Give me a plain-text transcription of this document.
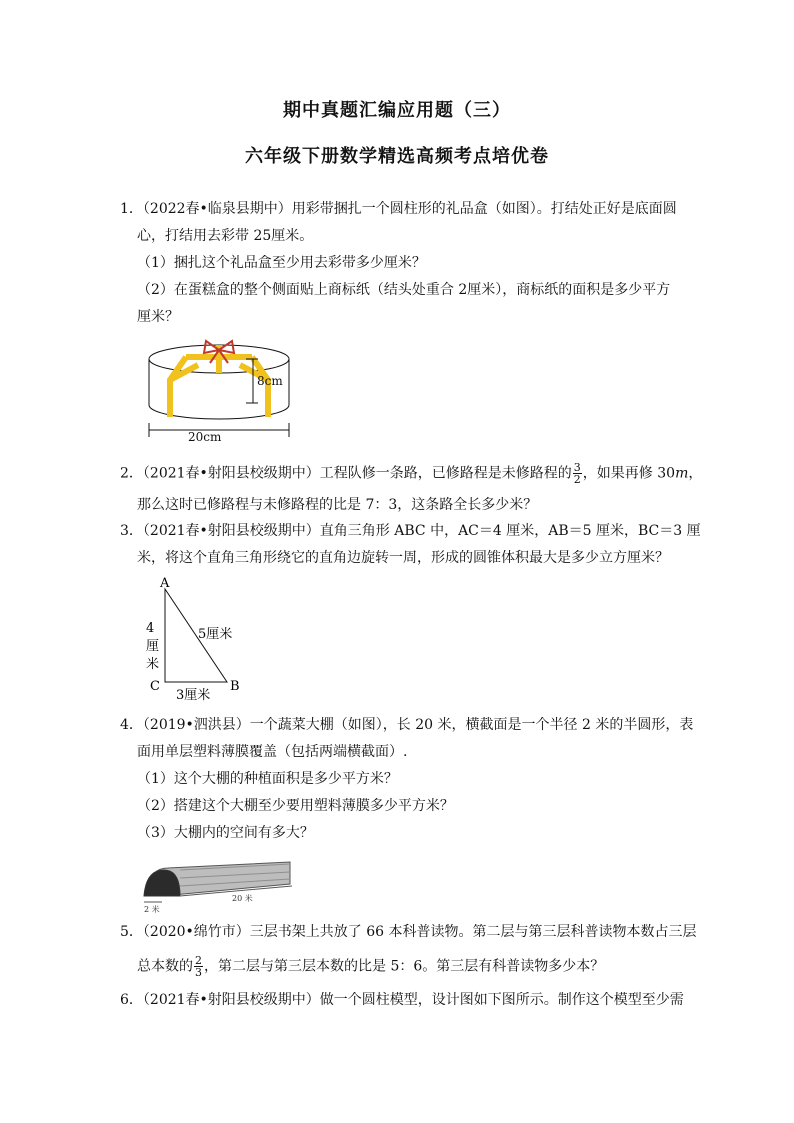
期中真题汇编应用题（三）
六年级下册数学精选高频考点培优卷
1．（2022春•临泉县期中）用彩带捆扎一个圆柱形的礼品盒（如图）。打结处正好是底面圆
心，打结用去彩带 25厘米。
（1）捆扎这个礼品盒至少用去彩带多少厘米？
（2）在蛋糕盒的整个侧面贴上商标纸（结头处重合 2厘米），商标纸的面积是多少平方
厘米？
8cm
20cm
2．（2021春•射阳县校级期中）工程队修一条路，已修路程是未修路程的 $\frac{3}{2}$ ，如果再修 30m，
那么这时已修路程与未修路程的比是 7：3，这条路全长多少米？
3．（2021春•射阳县校级期中）直角三角形 ABC 中，AC＝4 厘米，AB＝5 厘米，BC＝3 厘
米，将这个直角三角形绕它的直角边旋转一周，形成的圆锥体积最大是多少立方厘米？
A
C	B
4
厘
米
5厘米
3厘米
4．（2019•泗洪县）一个蔬菜大棚（如图），长 20 米，横截面是一个半径 2 米的半圆形，表
面用单层塑料薄膜覆盖（包括两端横截面）.
（1）这个大棚的种植面积是多少平方米？
（2）搭建这个大棚至少要用塑料薄膜多少平方米？
（3）大棚内的空间有多大？
20 米
2 米
5．（2020•绵竹市）三层书架上共放了 66 本科普读物。第二层与第三层科普读物本数占三层
总本数的 $\frac{2}{3}$ ，第二层与第三层本数的比是 5：6。第三层有科普读物多少本？
6．（2021春•射阳县校级期中）做一个圆柱模型，设计图如下图所示。制作这个模型至少需
